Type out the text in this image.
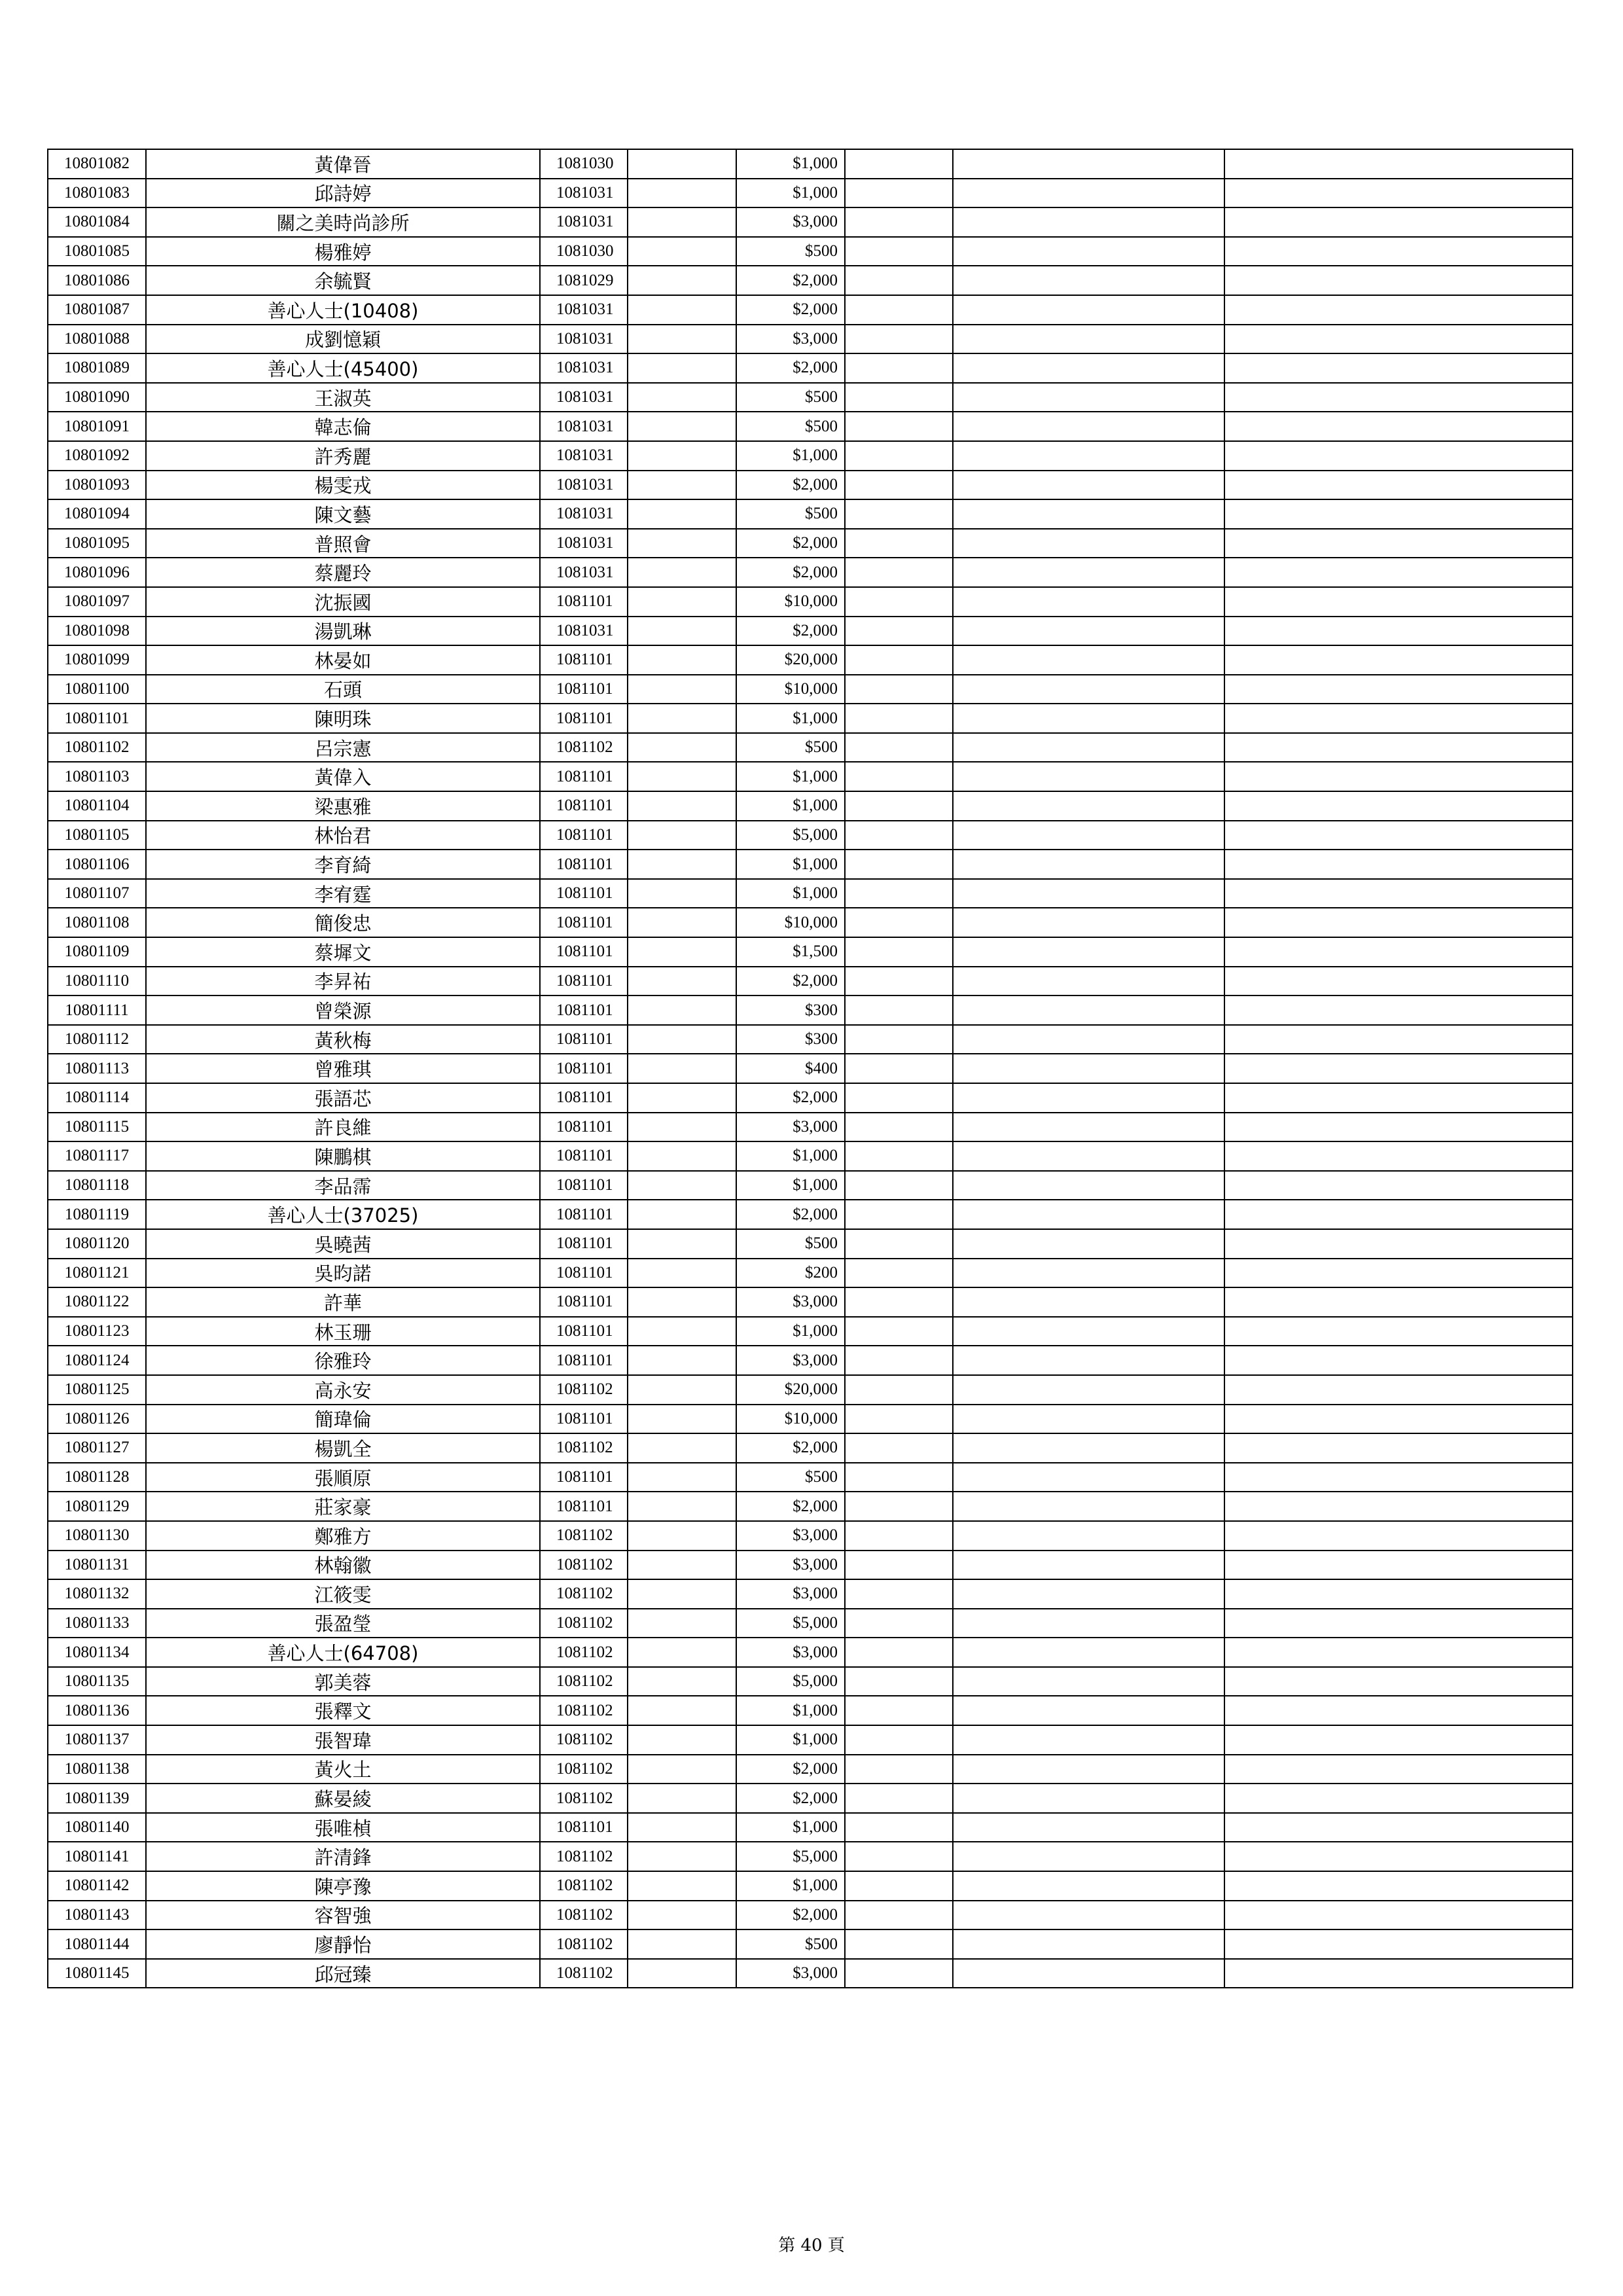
10801082	黃偉晉	1081030		$1,000			
10801083	邱詩婷	1081031		$1,000			
10801084	關之美時尚診所	1081031		$3,000			
10801085	楊雅婷	1081030		$500			
10801086	余毓賢	1081029		$2,000			
10801087	善心人士(10408)	1081031		$2,000			
10801088	成劉憶穎	1081031		$3,000			
10801089	善心人士(45400)	1081031		$2,000			
10801090	王淑英	1081031		$500			
10801091	韓志倫	1081031		$500			
10801092	許秀麗	1081031		$1,000			
10801093	楊雯戎	1081031		$2,000			
10801094	陳文藝	1081031		$500			
10801095	普照會	1081031		$2,000			
10801096	蔡麗玲	1081031		$2,000			
10801097	沈振國	1081101		$10,000			
10801098	湯凱琳	1081031		$2,000			
10801099	林晏如	1081101		$20,000			
10801100	石頭	1081101		$10,000			
10801101	陳明珠	1081101		$1,000			
10801102	呂宗憲	1081102		$500			
10801103	黃偉入	1081101		$1,000			
10801104	梁惠雅	1081101		$1,000			
10801105	林怡君	1081101		$5,000			
10801106	李育綺	1081101		$1,000			
10801107	李宥霆	1081101		$1,000			
10801108	簡俊忠	1081101		$10,000			
10801109	蔡墀文	1081101		$1,500			
10801110	李昇祐	1081101		$2,000			
10801111	曾榮源	1081101		$300			
10801112	黃秋梅	1081101		$300			
10801113	曾雅琪	1081101		$400			
10801114	張語芯	1081101		$2,000			
10801115	許良維	1081101		$3,000			
10801117	陳鵬棋	1081101		$1,000			
10801118	李品霈	1081101		$1,000			
10801119	善心人士(37025)	1081101		$2,000			
10801120	吳曉茜	1081101		$500			
10801121	吳昀諾	1081101		$200			
10801122	許華	1081101		$3,000			
10801123	林玉珊	1081101		$1,000			
10801124	徐雅玲	1081101		$3,000			
10801125	高永安	1081102		$20,000			
10801126	簡瑋倫	1081101		$10,000			
10801127	楊凱全	1081102		$2,000			
10801128	張順原	1081101		$500			
10801129	莊家豪	1081101		$2,000			
10801130	鄭雅方	1081102		$3,000			
10801131	林翰徽	1081102		$3,000			
10801132	江筱雯	1081102		$3,000			
10801133	張盈瑩	1081102		$5,000			
10801134	善心人士(64708)	1081102		$3,000			
10801135	郭美蓉	1081102		$5,000			
10801136	張釋文	1081102		$1,000			
10801137	張智瑋	1081102		$1,000			
10801138	黃火土	1081102		$2,000			
10801139	蘇晏綾	1081102		$2,000			
10801140	張唯楨	1081101		$1,000			
10801141	許清鋒	1081102		$5,000			
10801142	陳亭豫	1081102		$1,000			
10801143	容智強	1081102		$2,000			
10801144	廖靜怡	1081102		$500			
10801145	邱冠臻	1081102		$3,000			
第 40 頁
